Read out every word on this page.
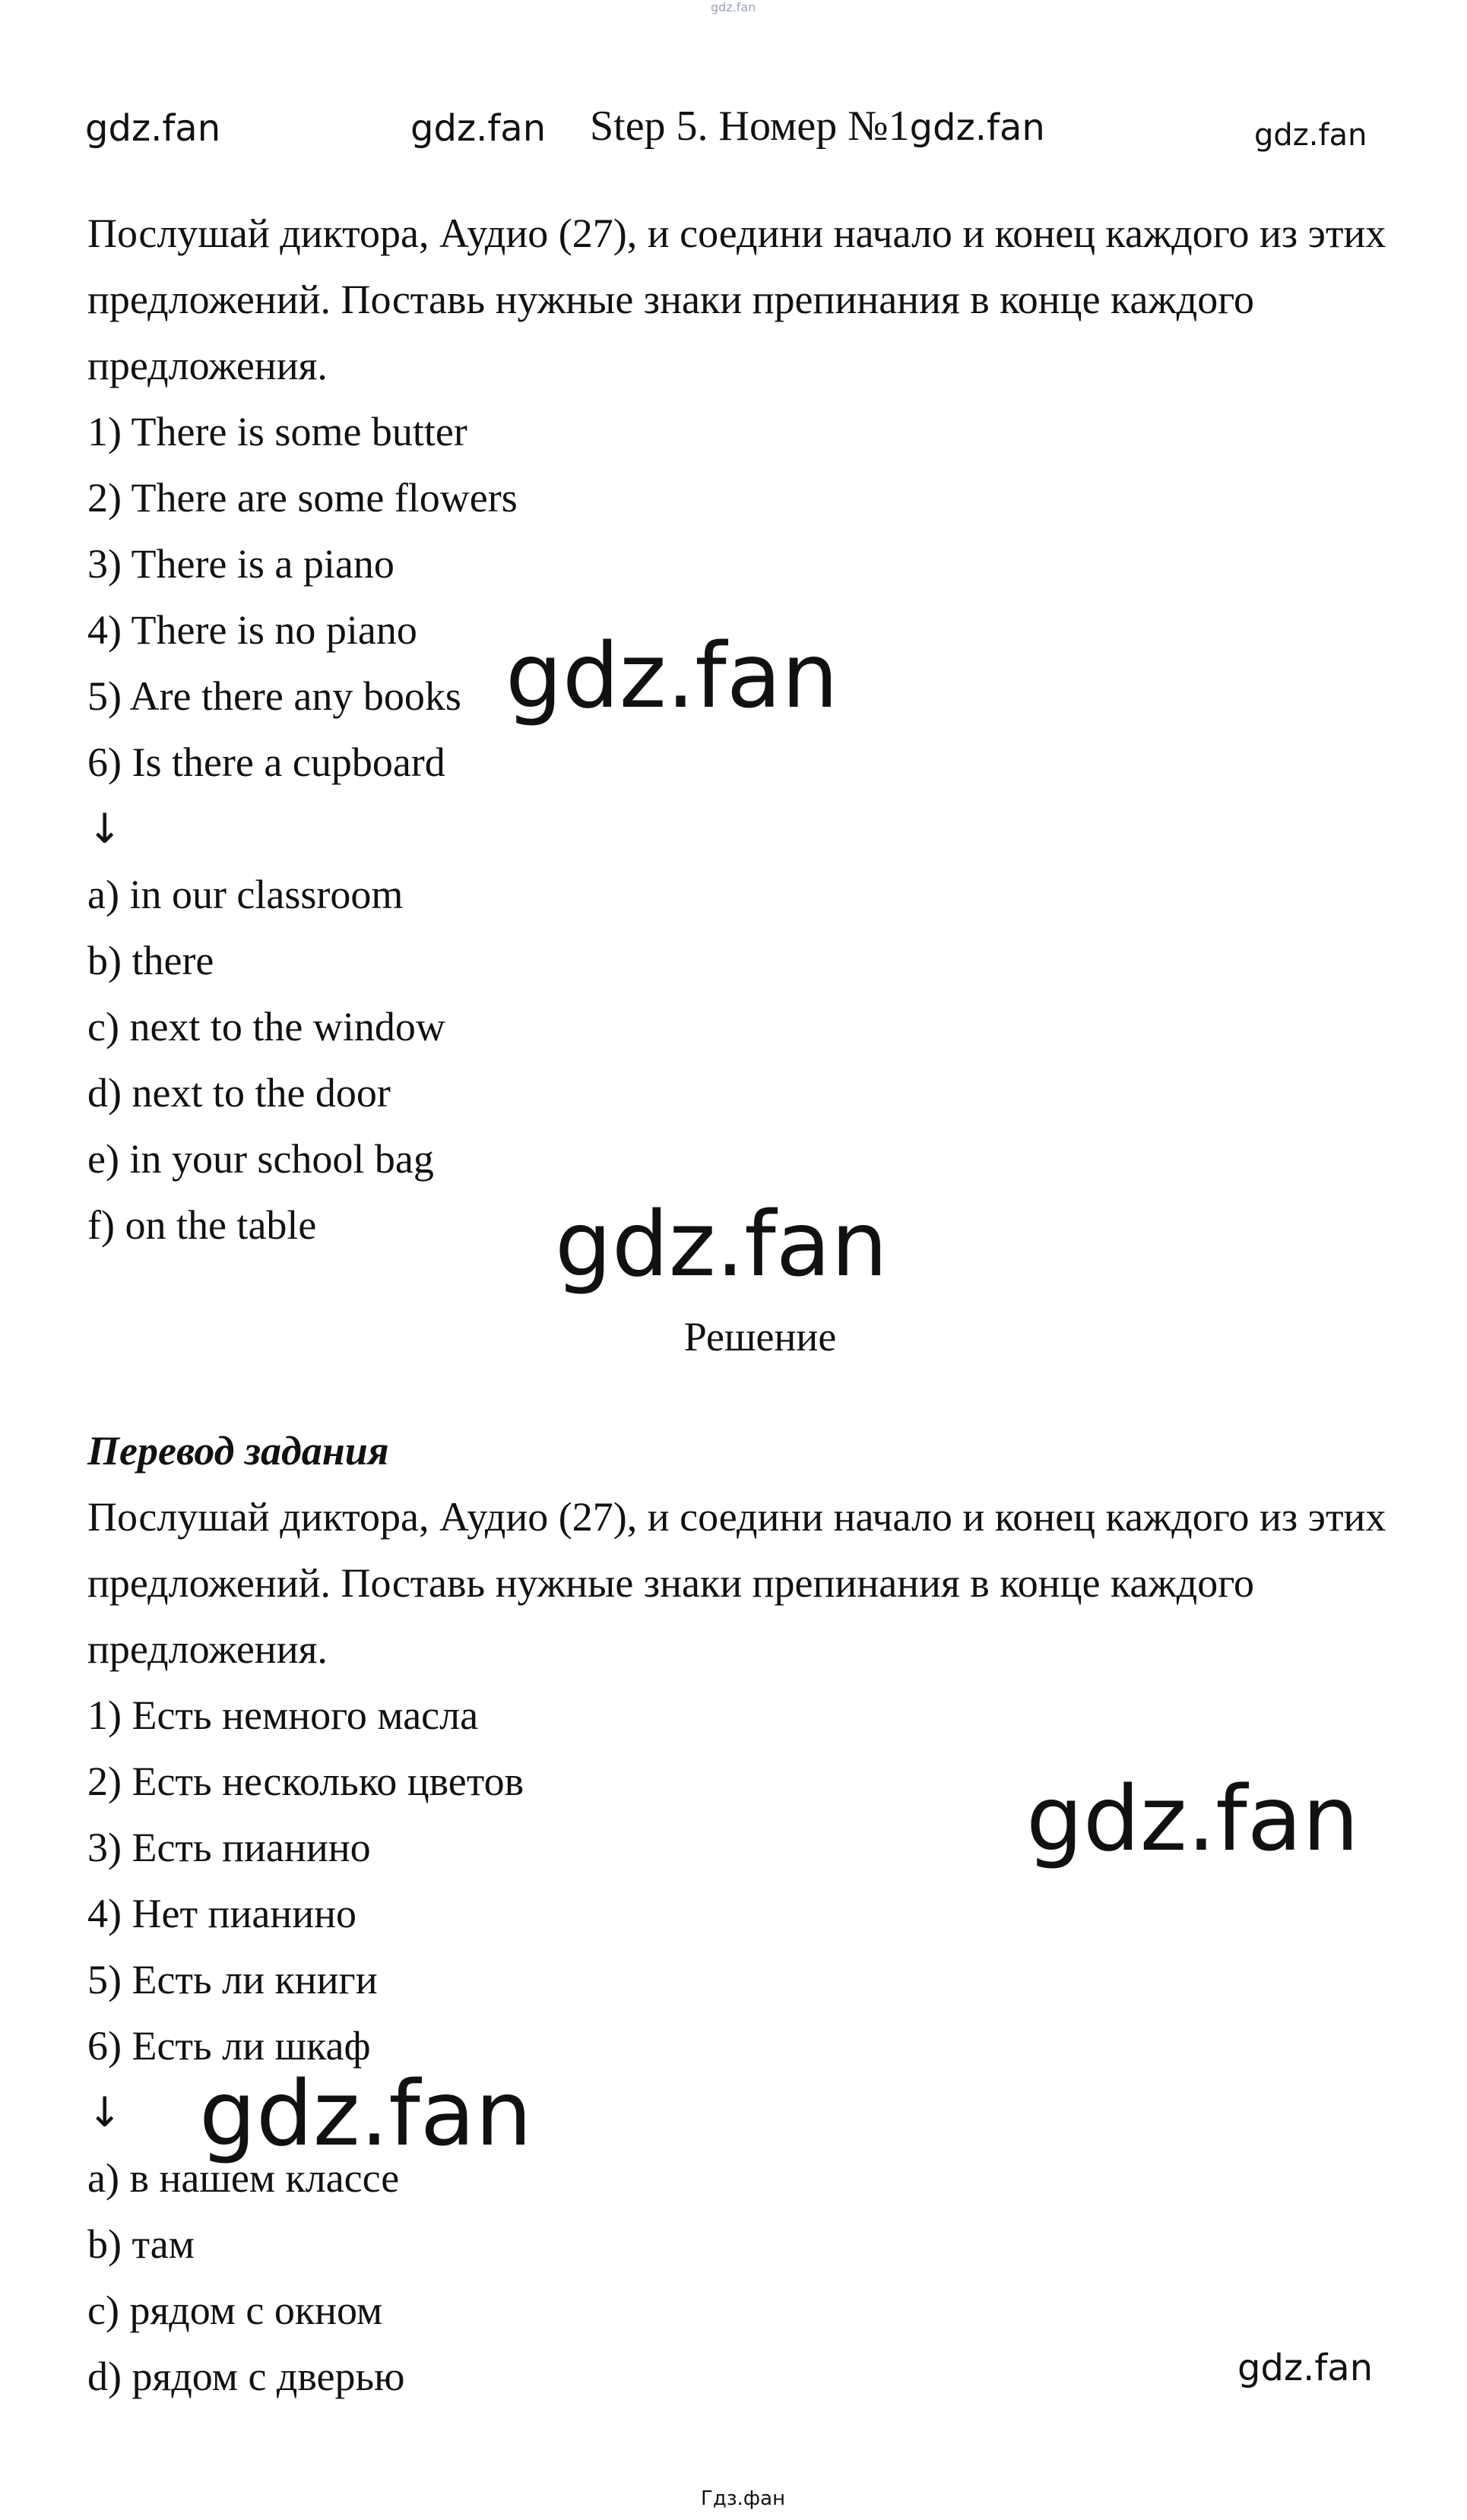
gdz.fan
gdz.fan	gdz.fan Step 5. Номер №1gdz.fan	gdz.fan
Послушай диктора, Аудио (27), и соедини начало и конец каждого из этих предложений. Поставь нужные знаки препинания в конце каждого предложения.
1) There is some butter
2) There are some flowers
3) There is a piano
4) There is no piano
5) Are there any books
6) Is there a cupboard
↓
a) in our classroom
b) there
c) next to the window
d) next to the door
e) in your school bag
f) on the table
gdz.fan
gdz.fan
Решение
Перевод задания
Послушай диктора, Аудио (27), и соедини начало и конец каждого из этих предложений. Поставь нужные знаки препинания в конце каждого предложения.
1) Есть немного масла
2) Есть несколько цветов
3) Есть пианино
4) Нет пианино
5) Есть ли книги
6) Есть ли шкаф
↓
a) в нашем классе
b) там
c) рядом с окном
d) рядом с дверью
gdz.fan
gdz.fan
gdz.fan
Гдз.фан
